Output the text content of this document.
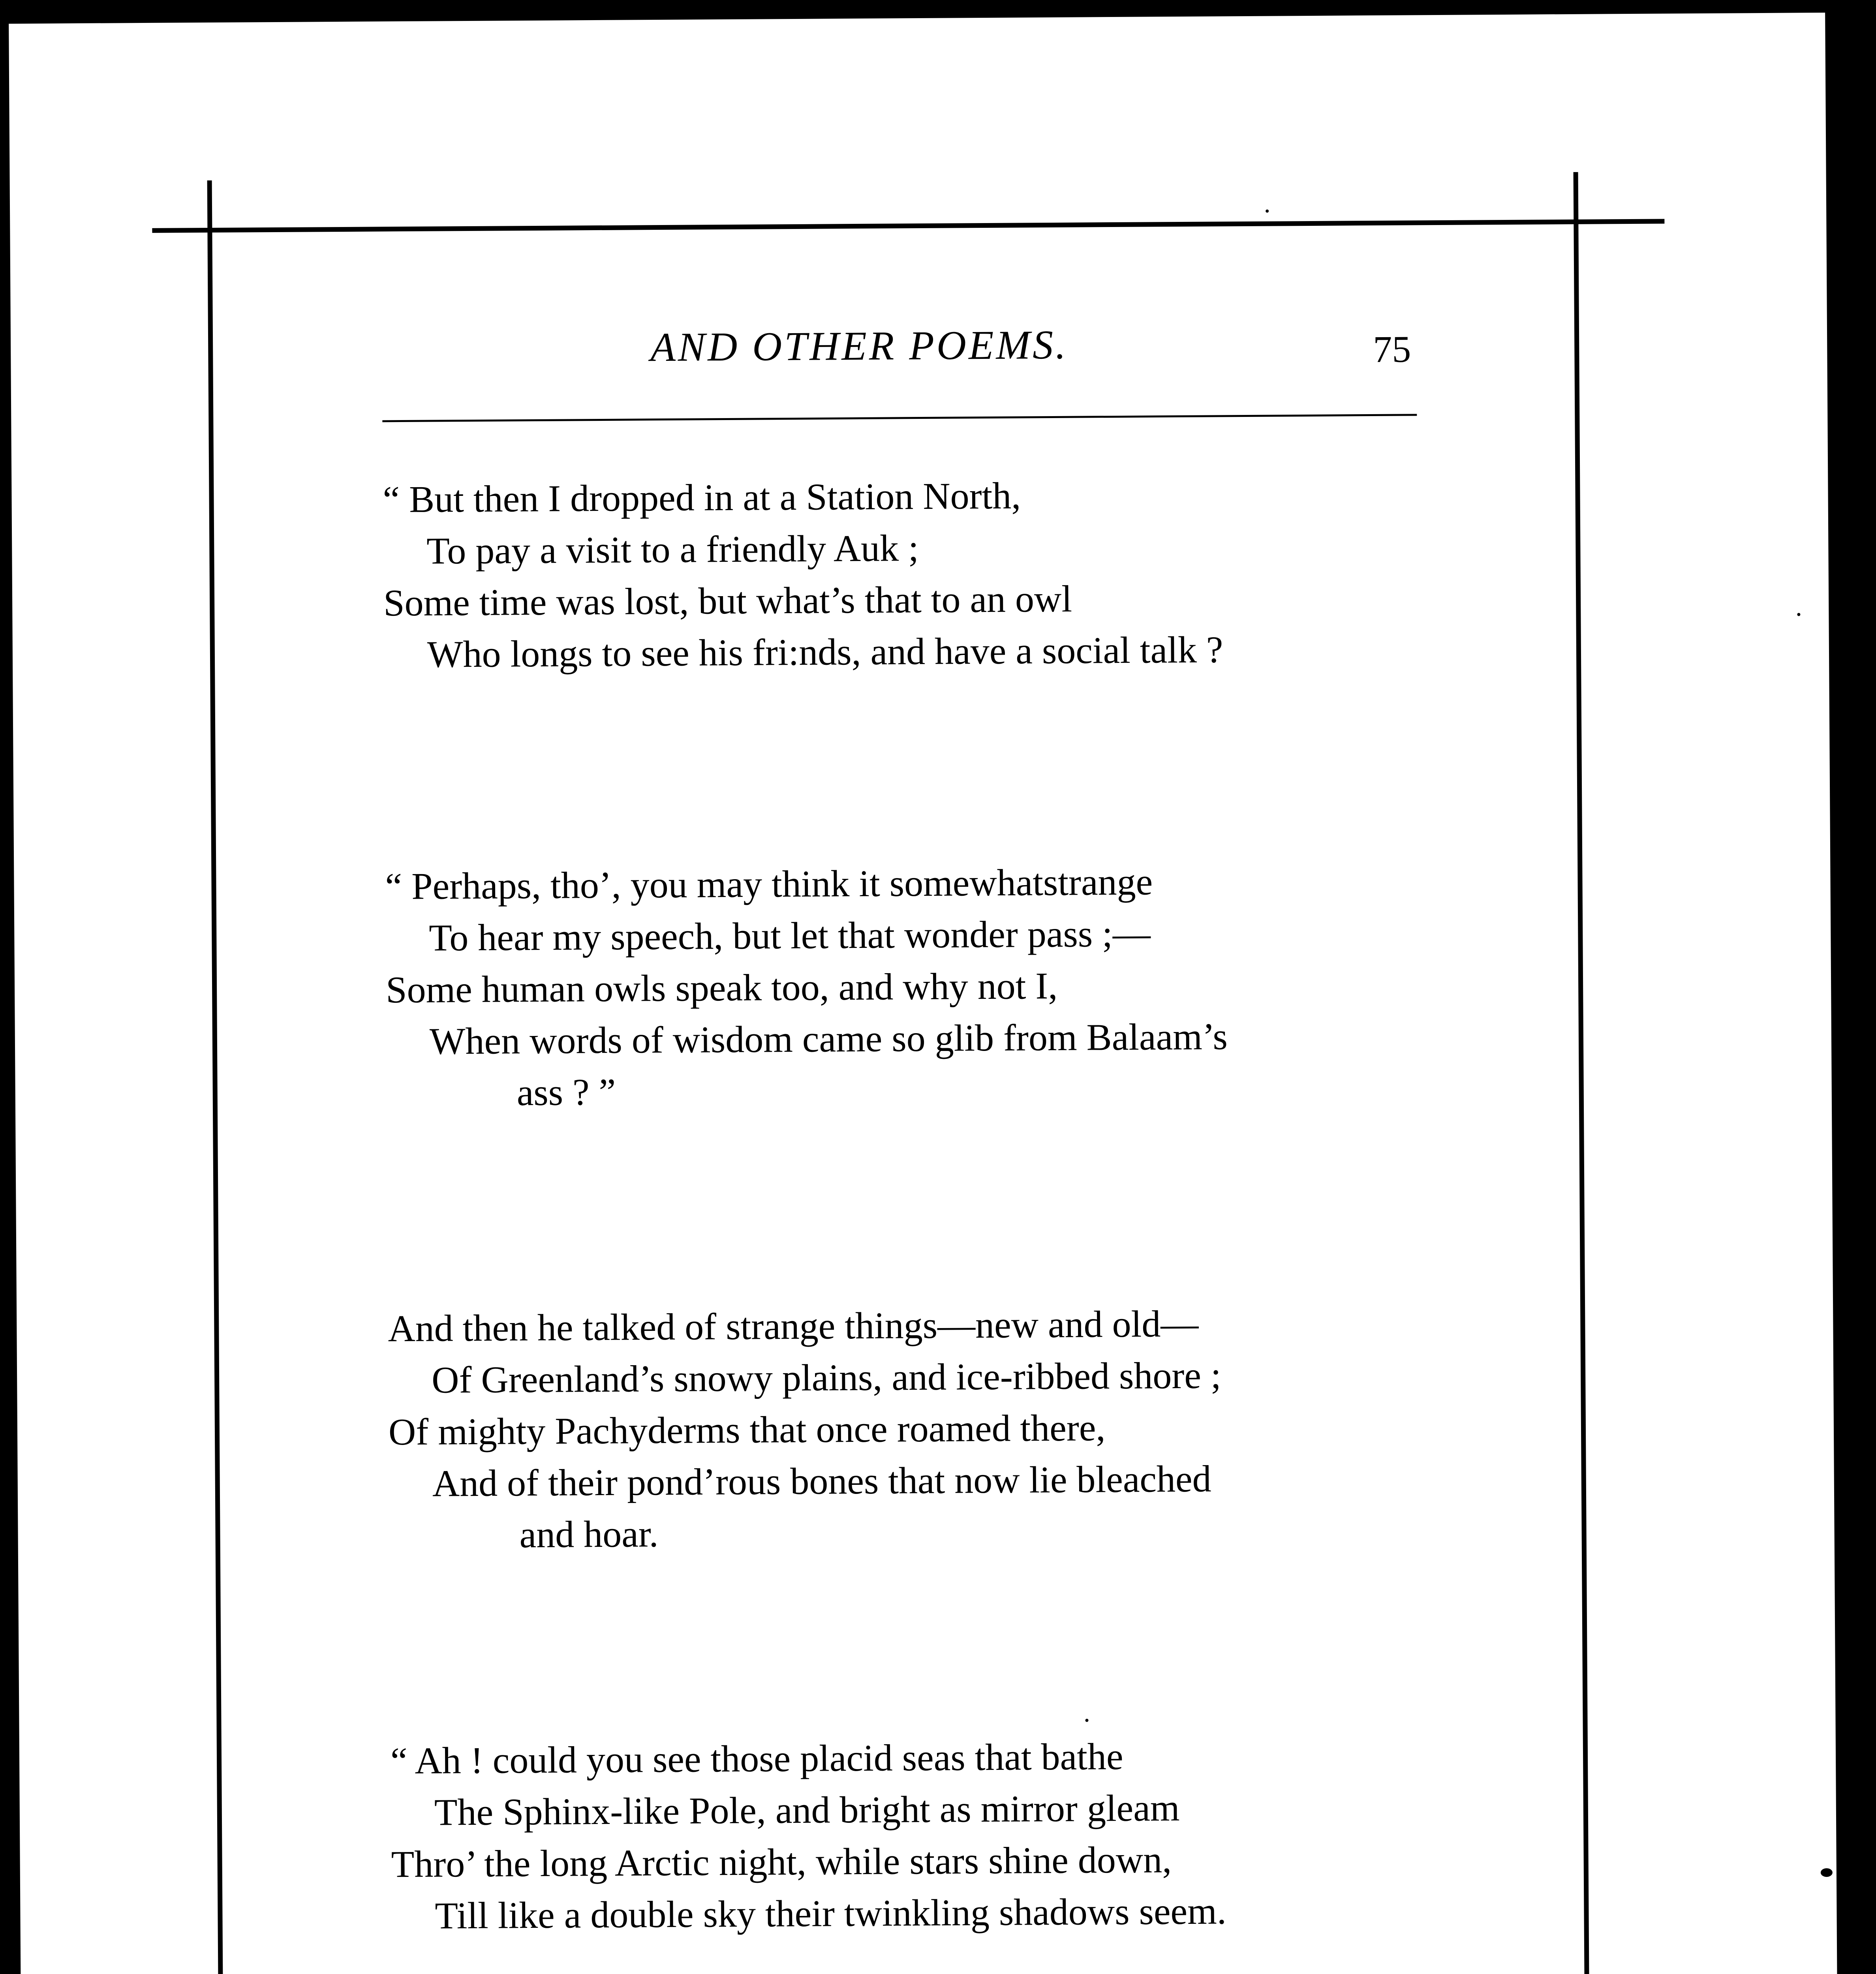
AND OTHER POEMS.	75
“ But then I dropped in at a Station North,
To pay a visit to a friendly Auk ;
Some time was lost, but what’s that to an owl
Who longs to see his fri:nds, and have a social talk ?
“ Perhaps, tho’, you may think it somewhatstrange
To hear my speech, but let that wonder pass ;—
Some human owls speak too, and why not I,
When words of wisdom came so glib from Balaam’s
ass ? ”
And then he talked of strange things—new and old—
Of Greenland’s snowy plains, and ice-ribbed shore ;
Of mighty Pachyderms that once roamed there,
And of their pond’rous bones that now lie bleached
and hoar.
“ Ah ! could you see those placid seas that bathe
The Sphinx-like Pole, and bright as mirror gleam
Thro’ the long Arctic night, while stars shine down,
Till like a double sky their twinkling shadows seem.
